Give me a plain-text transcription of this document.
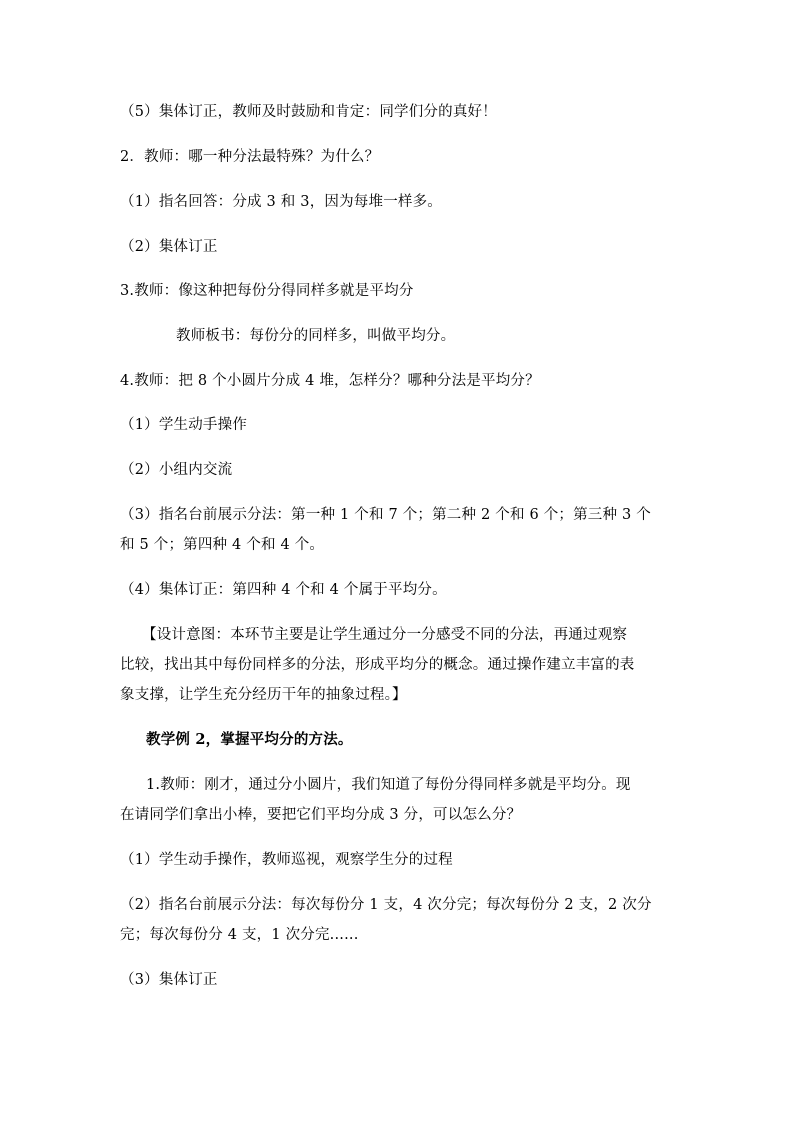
（5）集体订正，教师及时鼓励和肯定：同学们分的真好！
2．教师：哪一种分法最特殊？为什么？
（1）指名回答：分成 3 和 3，因为每堆一样多。
（2）集体订正
3.教师：像这种把每份分得同样多就是平均分
教师板书：每份分的同样多，叫做平均分。
4.教师：把 8 个小圆片分成 4 堆，怎样分？哪种分法是平均分？
（1）学生动手操作
（2）小组内交流
（3）指名台前展示分法：第一种 1 个和 7 个；第二种 2 个和 6 个；第三种 3 个
和 5 个；第四种 4 个和 4 个。
（4）集体订正：第四种 4 个和 4 个属于平均分。
【设计意图：本环节主要是让学生通过分一分感受不同的分法，再通过观察
比较，找出其中每份同样多的分法，形成平均分的概念。通过操作建立丰富的表
象支撑，让学生充分经历干年的抽象过程。】
教学例 2，掌握平均分的方法。
1.教师：刚才，通过分小圆片，我们知道了每份分得同样多就是平均分。现
在请同学们拿出小棒，要把它们平均分成 3 分，可以怎么分？
（1）学生动手操作，教师巡视，观察学生分的过程
（2）指名台前展示分法：每次每份分 1 支，4 次分完；每次每份分 2 支，2 次分
完；每次每份分 4 支，1 次分完......
（3）集体订正
